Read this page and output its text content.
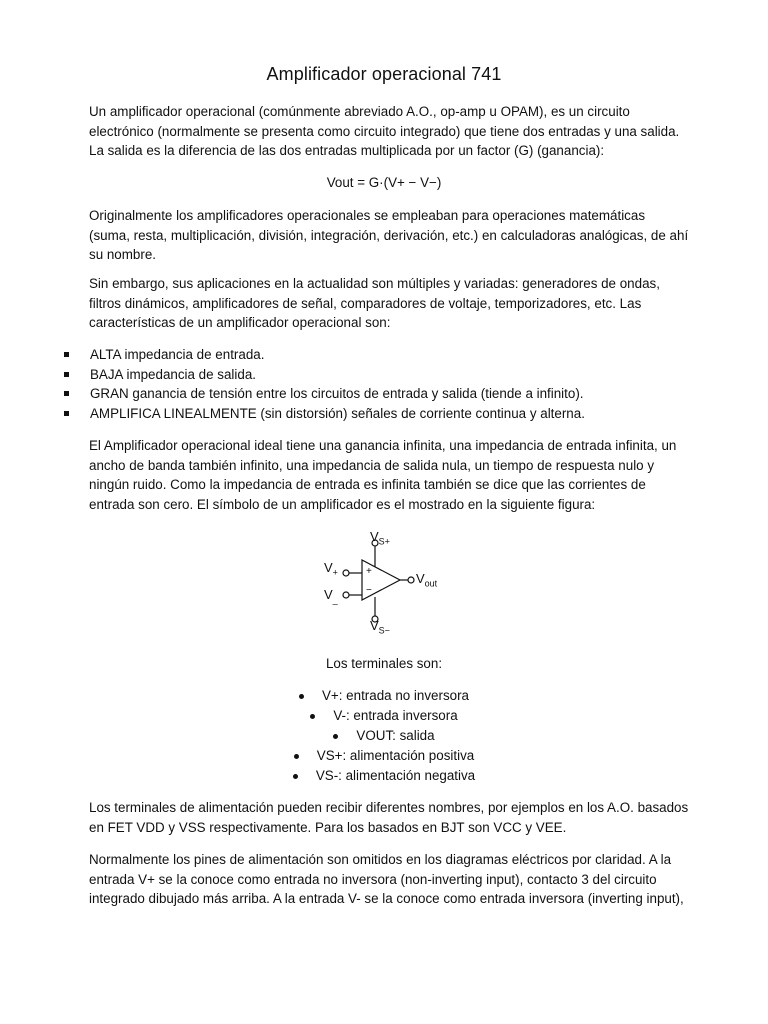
Amplificador operacional 741

Un amplificador operacional (comúnmente abreviado A.O., op-amp u OPAM), es un circuito electrónico (normalmente se presenta como circuito integrado) que tiene dos entradas y una salida. La salida es la diferencia de las dos entradas multiplicada por un factor (G) (ganancia):

Vout = G·(V+ − V−)

Originalmente los amplificadores operacionales se empleaban para operaciones matemáticas (suma, resta, multiplicación, división, integración, derivación, etc.) en calculadoras analógicas, de ahí su nombre.

Sin embargo, sus aplicaciones en la actualidad son múltiples y variadas: generadores de ondas, filtros dinámicos, amplificadores de señal, comparadores de voltaje, temporizadores, etc. Las características de un amplificador operacional son:

ALTA impedancia de entrada.
BAJA impedancia de salida.
GRAN ganancia de tensión entre los circuitos de entrada y salida (tiende a infinito).
AMPLIFICA LINEALMENTE (sin distorsión) señales de corriente continua y alterna.

El Amplificador operacional ideal tiene una ganancia infinita, una impedancia de entrada infinita, un ancho de banda también infinito, una impedancia de salida nula, un tiempo de respuesta nulo y ningún ruido. Como la impedancia de entrada es infinita también se dice que las corrientes de entrada son cero. El símbolo de un amplificador es el mostrado en la siguiente figura:

$V_{S+}$
$V_+$
$V_{\_}$
$V_{out}$
$V_{S-}$
+
−

Los terminales son:

V+: entrada no inversora
V-: entrada inversora
VOUT: salida
VS+: alimentación positiva
VS-: alimentación negativa

Los terminales de alimentación pueden recibir diferentes nombres, por ejemplos en los A.O. basados en FET VDD y VSS respectivamente. Para los basados en BJT son VCC y VEE.

Normalmente los pines de alimentación son omitidos en los diagramas eléctricos por claridad. A la entrada V+ se la conoce como entrada no inversora (non-inverting input), contacto 3 del circuito integrado dibujado más arriba. A la entrada V- se la conoce como entrada inversora (inverting input),
